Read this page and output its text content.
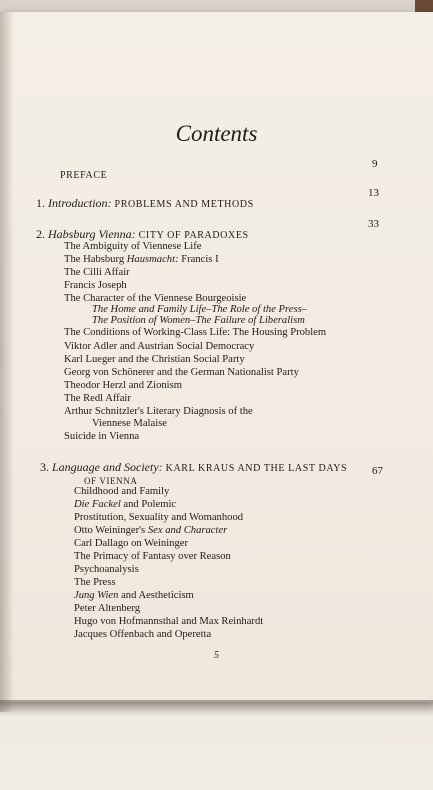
Contents
PREFACE
9
1. Introduction: PROBLEMS AND METHODS
13
2. Habsburg Vienna: CITY OF PARADOXES
33
The Ambiguity of Viennese Life
The Habsburg Hausmacht: Francis I
The Cilli Affair
Francis Joseph
The Character of the Viennese Bourgeoisie
The Home and Family Life–The Role of the Press–
The Position of Women–The Failure of Liberalism
The Conditions of Working-Class Life: The Housing Problem
Viktor Adler and Austrian Social Democracy
Karl Lueger and the Christian Social Party
Georg von Schönerer and the German Nationalist Party
Theodor Herzl and Zionism
The Redl Affair
Arthur Schnitzler's Literary Diagnosis of the
Viennese Malaise
Suicide in Vienna
3. Language and Society: KARL KRAUS AND THE LAST DAYS
OF VIENNA
67
Childhood and Family
Die Fackel and Polemic
Prostitution, Sexuality and Womanhood
Otto Weininger's Sex and Character
Carl Dallago on Weininger
The Primacy of Fantasy over Reason
Psychoanalysis
The Press
Jung Wien and Aestheticism
Peter Altenberg
Hugo von Hofmannsthal and Max Reinhardt
Jacques Offenbach and Operetta
5
